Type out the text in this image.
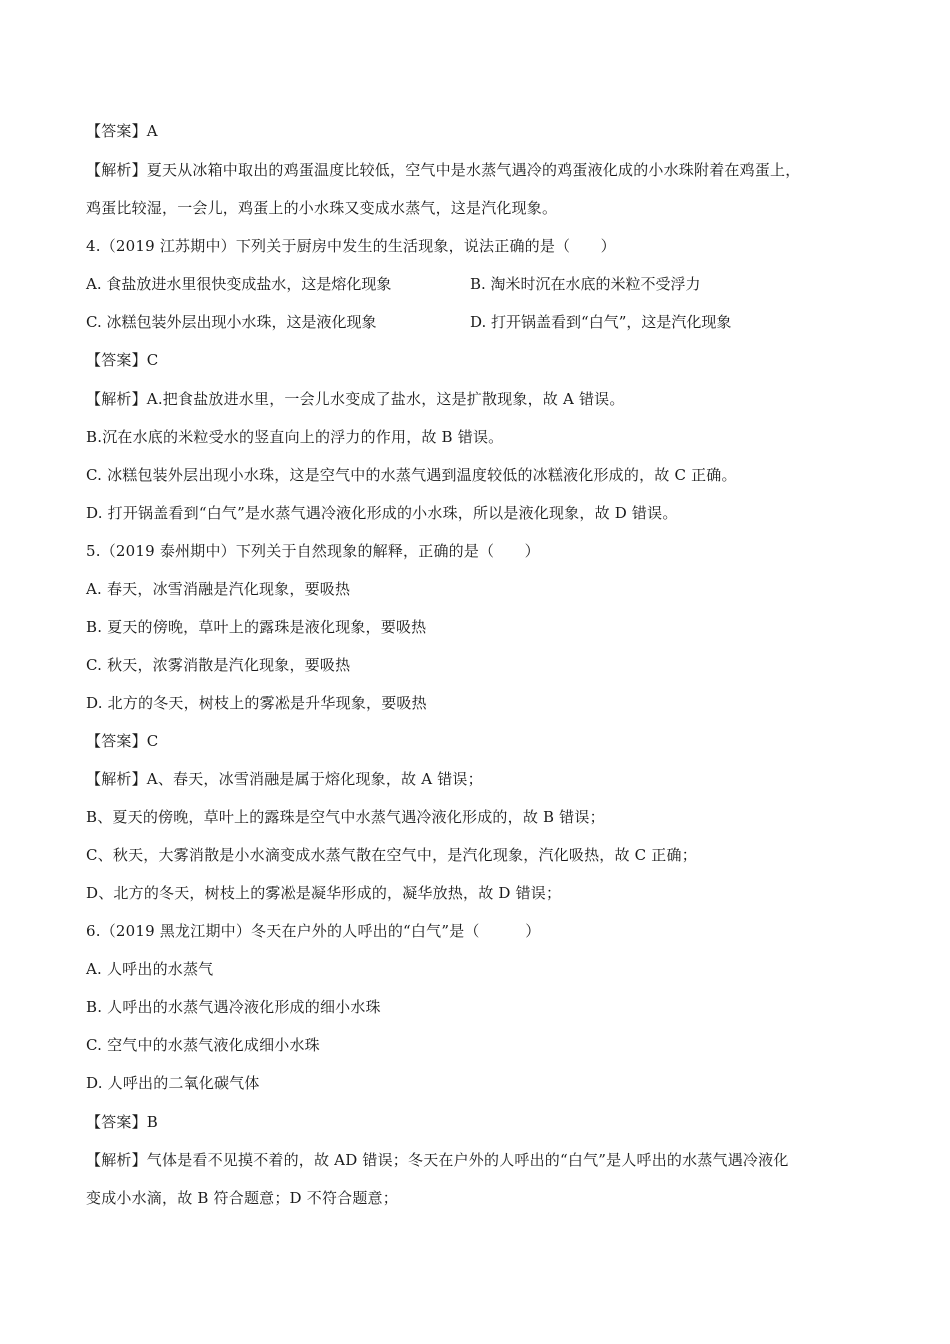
【答案】A
【解析】夏天从冰箱中取出的鸡蛋温度比较低，空气中是水蒸气遇冷的鸡蛋液化成的小水珠附着在鸡蛋上，
鸡蛋比较湿，一会儿，鸡蛋上的小水珠又变成水蒸气，这是汽化现象。
4.（2019 江苏期中）下列关于厨房中发生的生活现象，说法正确的是（　　）
A. 食盐放进水里很快变成盐水，这是熔化现象	B. 淘米时沉在水底的米粒不受浮力
C. 冰糕包装外层出现小水珠，这是液化现象	D. 打开锅盖看到“白气”，这是汽化现象
【答案】C
【解析】A.把食盐放进水里，一会儿水变成了盐水，这是扩散现象，故 A 错误。
B.沉在水底的米粒受水的竖直向上的浮力的作用，故 B 错误。
C. 冰糕包装外层出现小水珠，这是空气中的水蒸气遇到温度较低的冰糕液化形成的，故 C 正确。
D. 打开锅盖看到“白气”是水蒸气遇冷液化形成的小水珠，所以是液化现象，故 D 错误。
5.（2019 泰州期中）下列关于自然现象的解释，正确的是（　　）
A. 春天，冰雪消融是汽化现象，要吸热
B. 夏天的傍晚，草叶上的露珠是液化现象，要吸热
C. 秋天，浓雾消散是汽化现象，要吸热
D. 北方的冬天，树枝上的雾凇是升华现象，要吸热
【答案】C
【解析】A、春天，冰雪消融是属于熔化现象，故 A 错误；
B、夏天的傍晚，草叶上的露珠是空气中水蒸气遇冷液化形成的，故 B 错误；
C、秋天，大雾消散是小水滴变成水蒸气散在空气中，是汽化现象，汽化吸热，故 C 正确；
D、北方的冬天，树枝上的雾凇是凝华形成的，凝华放热，故 D 错误；
6.（2019 黑龙江期中）冬天在户外的人呼出的“白气”是（　　　）
A. 人呼出的水蒸气
B. 人呼出的水蒸气遇冷液化形成的细小水珠
C. 空气中的水蒸气液化成细小水珠
D. 人呼出的二氧化碳气体
【答案】B
【解析】气体是看不见摸不着的，故 AD 错误；冬天在户外的人呼出的“白气”是人呼出的水蒸气遇冷液化
变成小水滴，故 B 符合题意；D 不符合题意；
